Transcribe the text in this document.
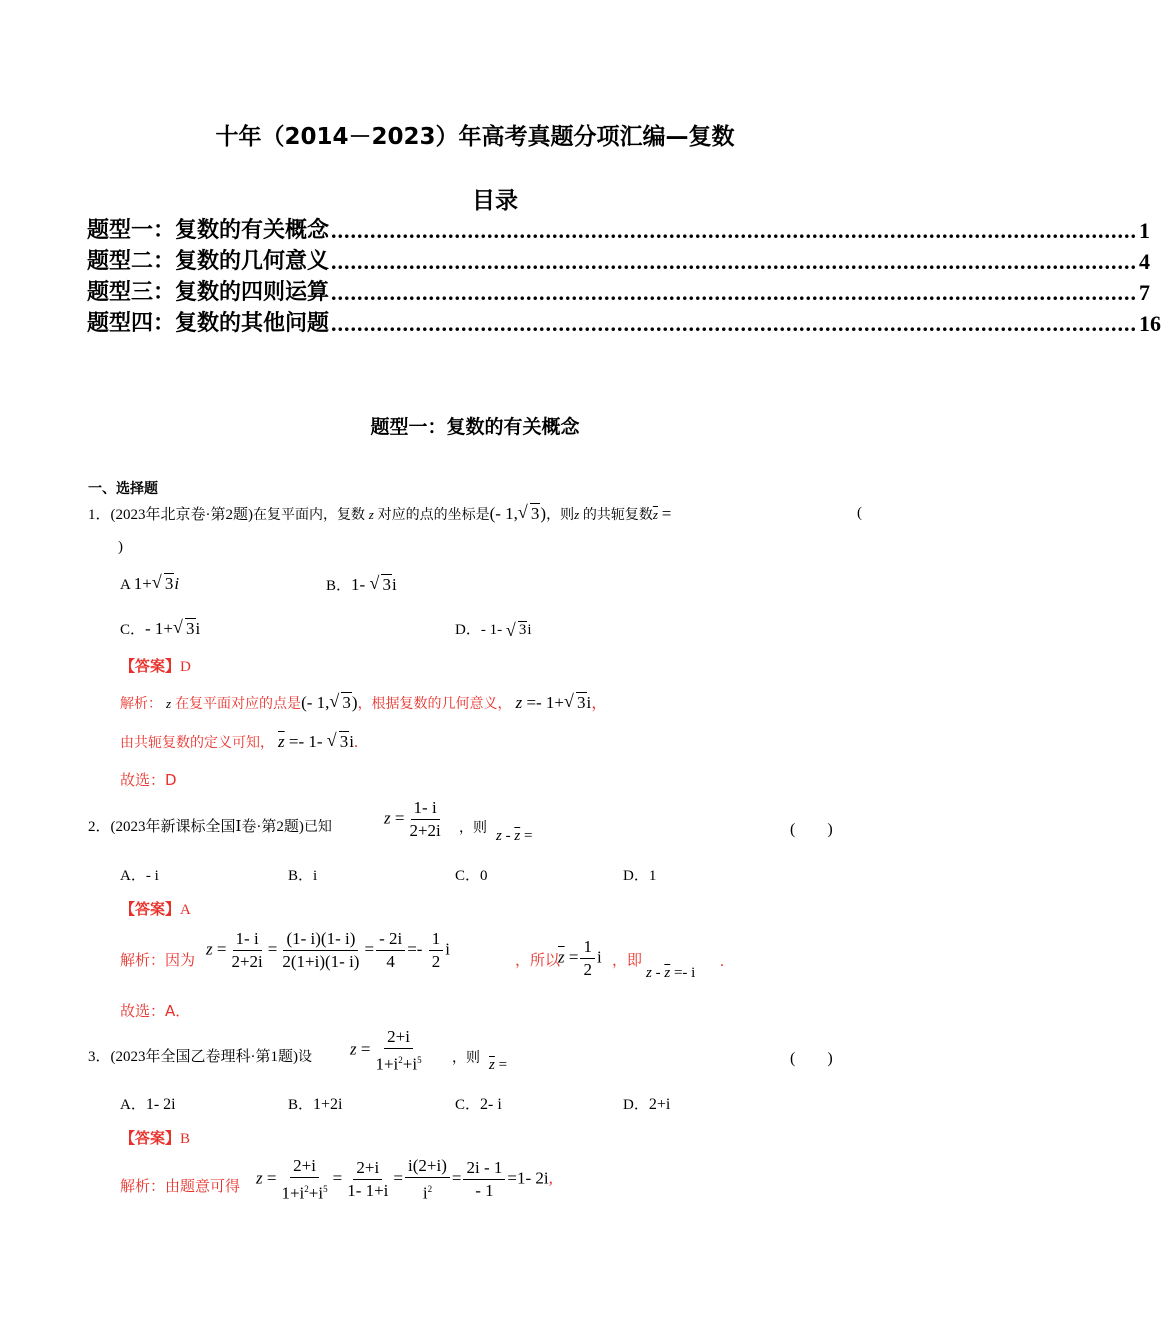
十年（2014－2023）年高考真题分项汇编—复数
目录
题型一：复数的有关概念 ............................................................................................................................ 1
题型二：复数的几何意义 ............................................................................................................................ 4
题型三：复数的四则运算 ............................................................................................................................ 7
题型四：复数的其他问题 ............................................................................................................................ 16
题型一：复数的有关概念
一、选择题
1．(2023年北京卷·第2题)在复平面内，复数 z 对应的点的坐标是(- 1, √ 3)，则z 的共轭复数$\overline{z}$ =	(
)
A 1+ √ 3i	B．1- √ 3i
C．- 1+ √ 3i	D．- 1- √ 3i
【答案】D
解析： z 在复平面对应的点是(- 1, √ 3)，根据复数的几何意义， z =- 1+ √ 3i，
由共轭复数的定义可知， $\overline{z} =- 1-$ √ 3i.
故选：D
2．(2023年新课标全国Ⅰ卷·第2题)已知	$z = \frac{1- i}{2+2i}$ ，则 z - $\overline{z}$ =	(　　)
A．- i	B．i	C．0	D．1
【答案】A
解析：因为
$z = \frac{1- i}{2+2i} = \frac{(1- i)(1- i)}{2(1+i)(1- i)} = \frac{- 2i}{4} =- \frac{1}{2}$ i
，所以
$\overline{z} = \frac{1}{2}$ i ，即
$z - \overline{z} =- i$
.
故选：A．
3．(2023年全国乙卷理科·第1题)设 $z = \frac{2+i}{1+i^2+i^5}$ ，则 $\overline{z}$ =	(　　)
A．1- 2i	B．1+2i	C．2- i	D．2+i
【答案】B
解析：由题意可得 $z = \frac{2+i}{1+i^2+i^5} = \frac{2+i}{1- 1+i} = \frac{i(2+i)}{i^2} = \frac{2i - 1}{- 1} =1-$ 2i,
